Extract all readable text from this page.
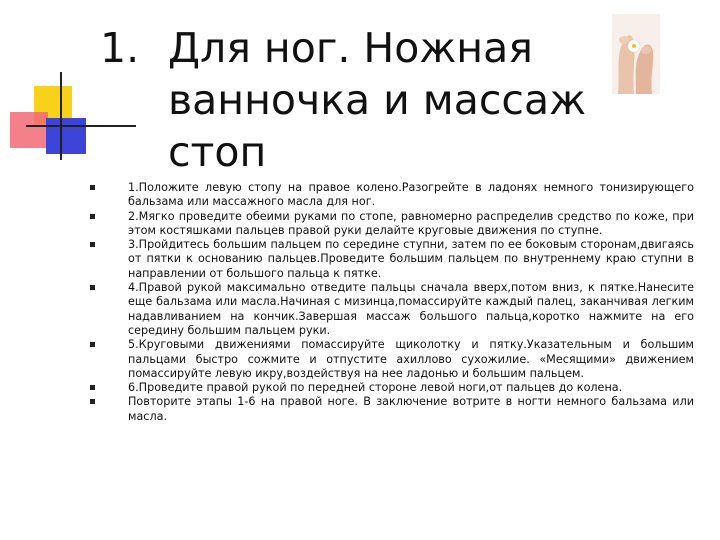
1. Для ног. Ножная
ванночка и массаж стоп
1.Положите левую стопу на правое колено.Разогрейте в ладонях немного тонизирующего бальзама или массажного масла для ног.
2.Мягко проведите обеими руками по стопе, равномерно распределив средство по коже, при этом костяшками пальцев правой руки делайте круговые движения по ступне.
3.Пройдитесь большим пальцем по середине ступни, затем по ее боковым сторонам,двигаясь от пятки к основанию пальцев.Проведите большим пальцем по внутреннему краю ступни в направлении от большого пальца к пятке.
4.Правой рукой максимально отведите пальцы сначала вверх,потом вниз, к пятке.Нанесите еще бальзама или масла.Начиная с мизинца,помассируйте каждый палец, заканчивая легким надавливанием на кончик.Завершая массаж большого пальца,коротко нажмите на его середину большим пальцем руки.
5.Круговыми движениями помассируйте щиколотку и пятку.Указательным и большим пальцами быстро сожмите и отпустите ахиллово сухожилие. «Месящими» движением помассируйте левую икру,воздействуя на нее ладонью и большим пальцем.
6.Проведите правой рукой по передней стороне левой ноги,от пальцев до колена.
Повторите этапы 1-6 на правой ноге. В заключение вотрите в ногти немного бальзама или масла.
